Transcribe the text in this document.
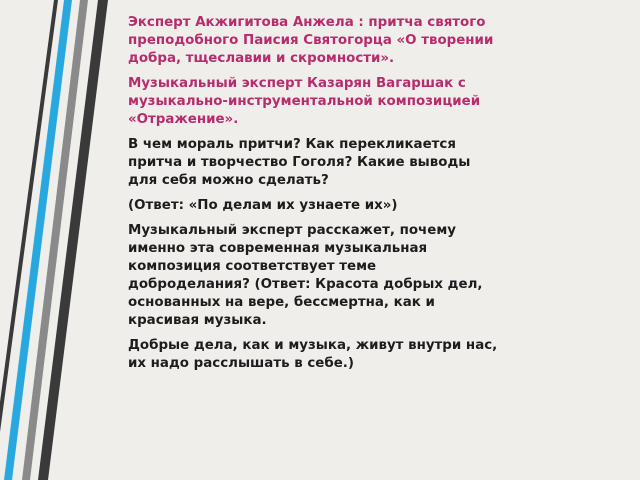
Эксперт Акжигитова Анжела : притча святого преподобного Паисия Святогорца «О творении добра, тщеславии и скромности».

Музыкальный эксперт Казарян Вагаршак с музыкально-инструментальной композицией «Отражение».

В чем мораль притчи? Как перекликается притча и творчество Гоголя? Какие выводы для себя можно сделать?

(Ответ: «По делам их узнаете их»)

Музыкальный эксперт расскажет, почему именно эта современная музыкальная композиция соответствует теме доброделания? (Ответ: Красота добрых дел, основанных на вере, бессмертна, как и красивая музыка.

Добрые дела, как и музыка, живут внутри нас, их надо расслышать в себе.)
